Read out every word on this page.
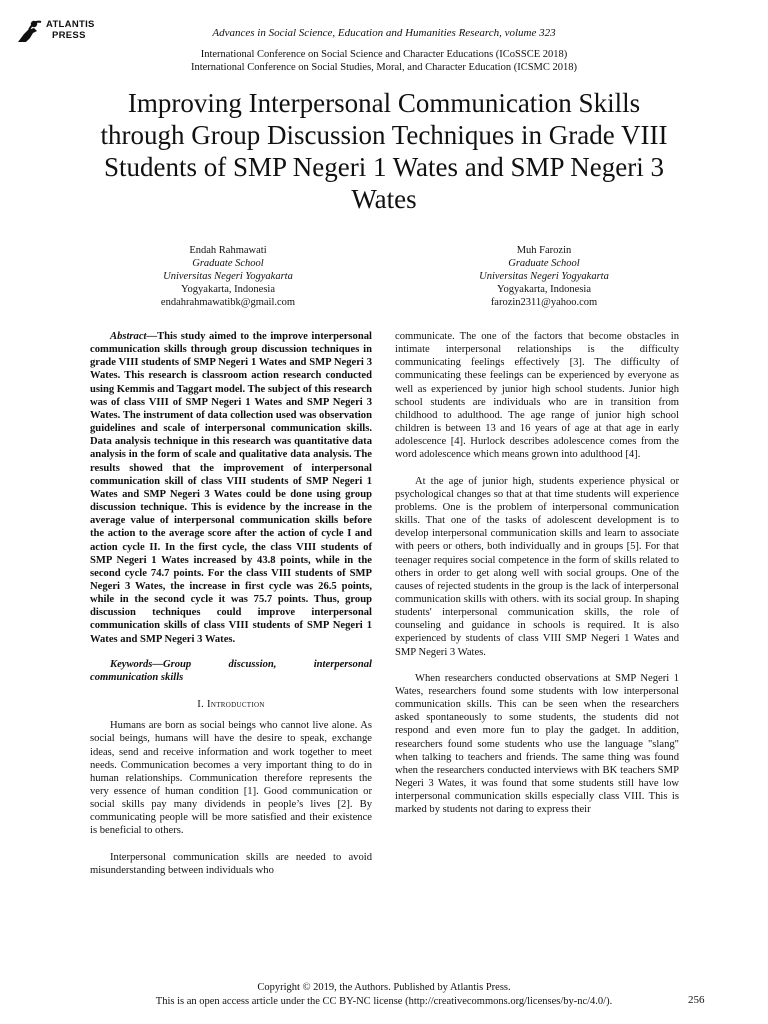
ATLANTIS
PRESS	Advances in Social Science, Education and Humanities Research, volume 323
International Conference on Social Science and Character Educations (ICoSSCE 2018)
International Conference on Social Studies, Moral, and Character Education (ICSMC 2018)
Improving Interpersonal Communication Skills through Group Discussion Techniques in Grade VIII Students of SMP Negeri 1 Wates and SMP Negeri 3 Wates
Endah Rahmawati
Graduate School
Universitas Negeri Yogyakarta
Yogyakarta, Indonesia
endahrahmawatibk@gmail.com
Muh Farozin
Graduate School
Universitas Negeri Yogyakarta
Yogyakarta, Indonesia
farozin2311@yahoo.com

Abstract—This study aimed to the improve interpersonal communication skills through group discussion techniques in grade VIII students of SMP Negeri 1 Wates and SMP Negeri 3 Wates. This research is classroom action research conducted using Kemmis and Taggart model. The subject of this research was of class VIII of SMP Negeri 1 Wates and SMP Negeri 3 Wates. The instrument of data collection used was observation guidelines and scale of interpersonal communication skills. Data analysis technique in this research was quantitative data analysis in the form of scale and qualitative data analysis. The results showed that the improvement of interpersonal communication skill of class VIII students of SMP Negeri 1 Wates and SMP Negeri 3 Wates could be done using group discussion technique. This is evidence by the increase in the average value of interpersonal communication skills before the action to the average score after the action of cycle I and action cycle II. In the first cycle, the class VIII students of SMP Negeri 1 Wates increased by 43.8 points, while in the second cycle 74.7 points. For the class VIII students of SMP Negeri 3 Wates, the increase in first cycle was 26.5 points, while in the second cycle it was 75.7 points. Thus, group discussion techniques could improve interpersonal communication skills of class VIII students of SMP Negeri 1 Wates and SMP Negeri 3 Wates.

Keywords—Group discussion, interpersonal communication skills

I. Introduction

Humans are born as social beings who cannot live alone. As social beings, humans will have the desire to speak, exchange ideas, send and receive information and work together to meet needs. Communication becomes a very important thing to do in human relationships. Communication therefore represents the very essence of human condition [1]. Good communication or social skills pay many dividends in people’s lives [2]. By communicating people will be more satisfied and their existence is beneficial to others.

Interpersonal communication skills are needed to avoid misunderstanding between individuals who

communicate. The one of the factors that become obstacles in intimate interpersonal relationships is the difficulty communicating feelings effectively [3]. The difficulty of communicating these feelings can be experienced by everyone as well as experienced by junior high school students. Junior high school students are individuals who are in transition from childhood to adulthood. The age range of junior high school children is between 13 and 16 years of age at that age in early adolescence [4]. Hurlock describes adolescence comes from the word adolescence which means grown into adulthood [4].

At the age of junior high, students experience physical or psychological changes so that at that time students will experience problems. One is the problem of interpersonal communication skills. That one of the tasks of adolescent development is to develop interpersonal communication skills and learn to associate with peers or others, both individually and in groups [5]. For that teenager requires social competence in the form of skills related to others in order to get along well with social groups. One of the causes of rejected students in the group is the lack of interpersonal communication skills with others. with its social group. In shaping students' interpersonal communication skills, the role of counseling and guidance in schools is required. It is also experienced by students of class VIII SMP Negeri 1 Wates and SMP Negeri 3 Wates.

When researchers conducted observations at SMP Negeri 1 Wates, researchers found some students with low interpersonal communication skills. This can be seen when the researchers asked spontaneously to some students, the students did not respond and even more fun to play the gadget. In addition, researchers found some students who use the language "slang" when talking to teachers and friends. The same thing was found when the researchers conducted interviews with BK teachers SMP Negeri 3 Wates, it was found that some students still have low interpersonal communication skills especially class VIII. This is marked by students not daring to express their

Copyright © 2019, the Authors. Published by Atlantis Press.
This is an open access article under the CC BY-NC license (http://creativecommons.org/licenses/by-nc/4.0/).	256
